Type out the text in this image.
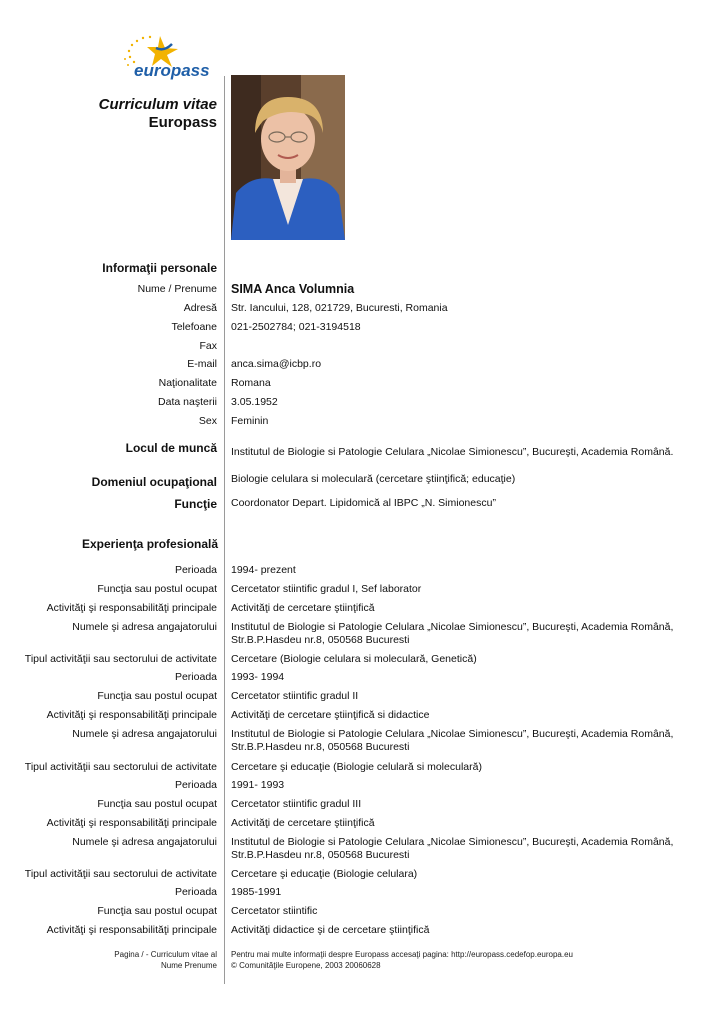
europass
Curriculum vitae
Europass
Informaţii personale
Nume / Prenume SIMA Anca Volumnia
Adresă Str. Iancului, 128, 021729, Bucuresti, Romania
Telefoane 021-2502784; 021-3194518
Fax
E-mail anca.sima@icbp.ro
Naţionalitate Romana
Data naşterii 3.05.1952
Sex Feminin
Locul de muncă Institutul de Biologie si Patologie Celulara „Nicolae Simionescu”, Bucureşti, Academia Română.
Domeniul ocupaţional Biologie celulara si moleculară (cercetare ştiinţifică; educaţie)
Funcţie Coordonator Depart. Lipidomică al IBPC „N. Simionescu”
Experienţa profesională
Perioada 1994- prezent
Funcţia sau postul ocupat Cercetator stiintific gradul I, Sef laborator
Activităţi şi responsabilităţi principale Activităţi de cercetare ştiinţifică
Numele şi adresa angajatorului Institutul de Biologie si Patologie Celulara „Nicolae Simionescu”, Bucureşti, Academia Română,
Str.B.P.Hasdeu nr.8, 050568 Bucuresti
Tipul activităţii sau sectorului de activitate Cercetare (Biologie celulara si moleculară, Genetică)
Perioada 1993- 1994
Funcţia sau postul ocupat Cercetator stiintific gradul II
Activităţi şi responsabilităţi principale Activităţi de cercetare ştiinţifică si didactice
Numele şi adresa angajatorului Institutul de Biologie si Patologie Celulara „Nicolae Simionescu”, Bucureşti, Academia Română,
Str.B.P.Hasdeu nr.8, 050568 Bucuresti
Tipul activităţii sau sectorului de activitate Cercetare şi educaţie (Biologie celulară si moleculară)
Perioada 1991- 1993
Funcţia sau postul ocupat Cercetator stiintific gradul III
Activităţi şi responsabilităţi principale Activităţi de cercetare ştiinţifică
Numele şi adresa angajatorului Institutul de Biologie si Patologie Celulara „Nicolae Simionescu”, Bucureşti, Academia Română,
Str.B.P.Hasdeu nr.8, 050568 Bucuresti
Tipul activităţii sau sectorului de activitate Cercetare şi educaţie (Biologie celulara)
Perioada 1985-1991
Funcţia sau postul ocupat Cercetator stiintific
Activităţi şi responsabilităţi principale Activităţi didactice şi de cercetare ştiinţifică
Pagina / - Curriculum vitae al
Nume Prenume
Pentru mai multe informaţii despre Europass accesaţi pagina: http://europass.cedefop.europa.eu
© Comunităţile Europene, 2003 20060628
